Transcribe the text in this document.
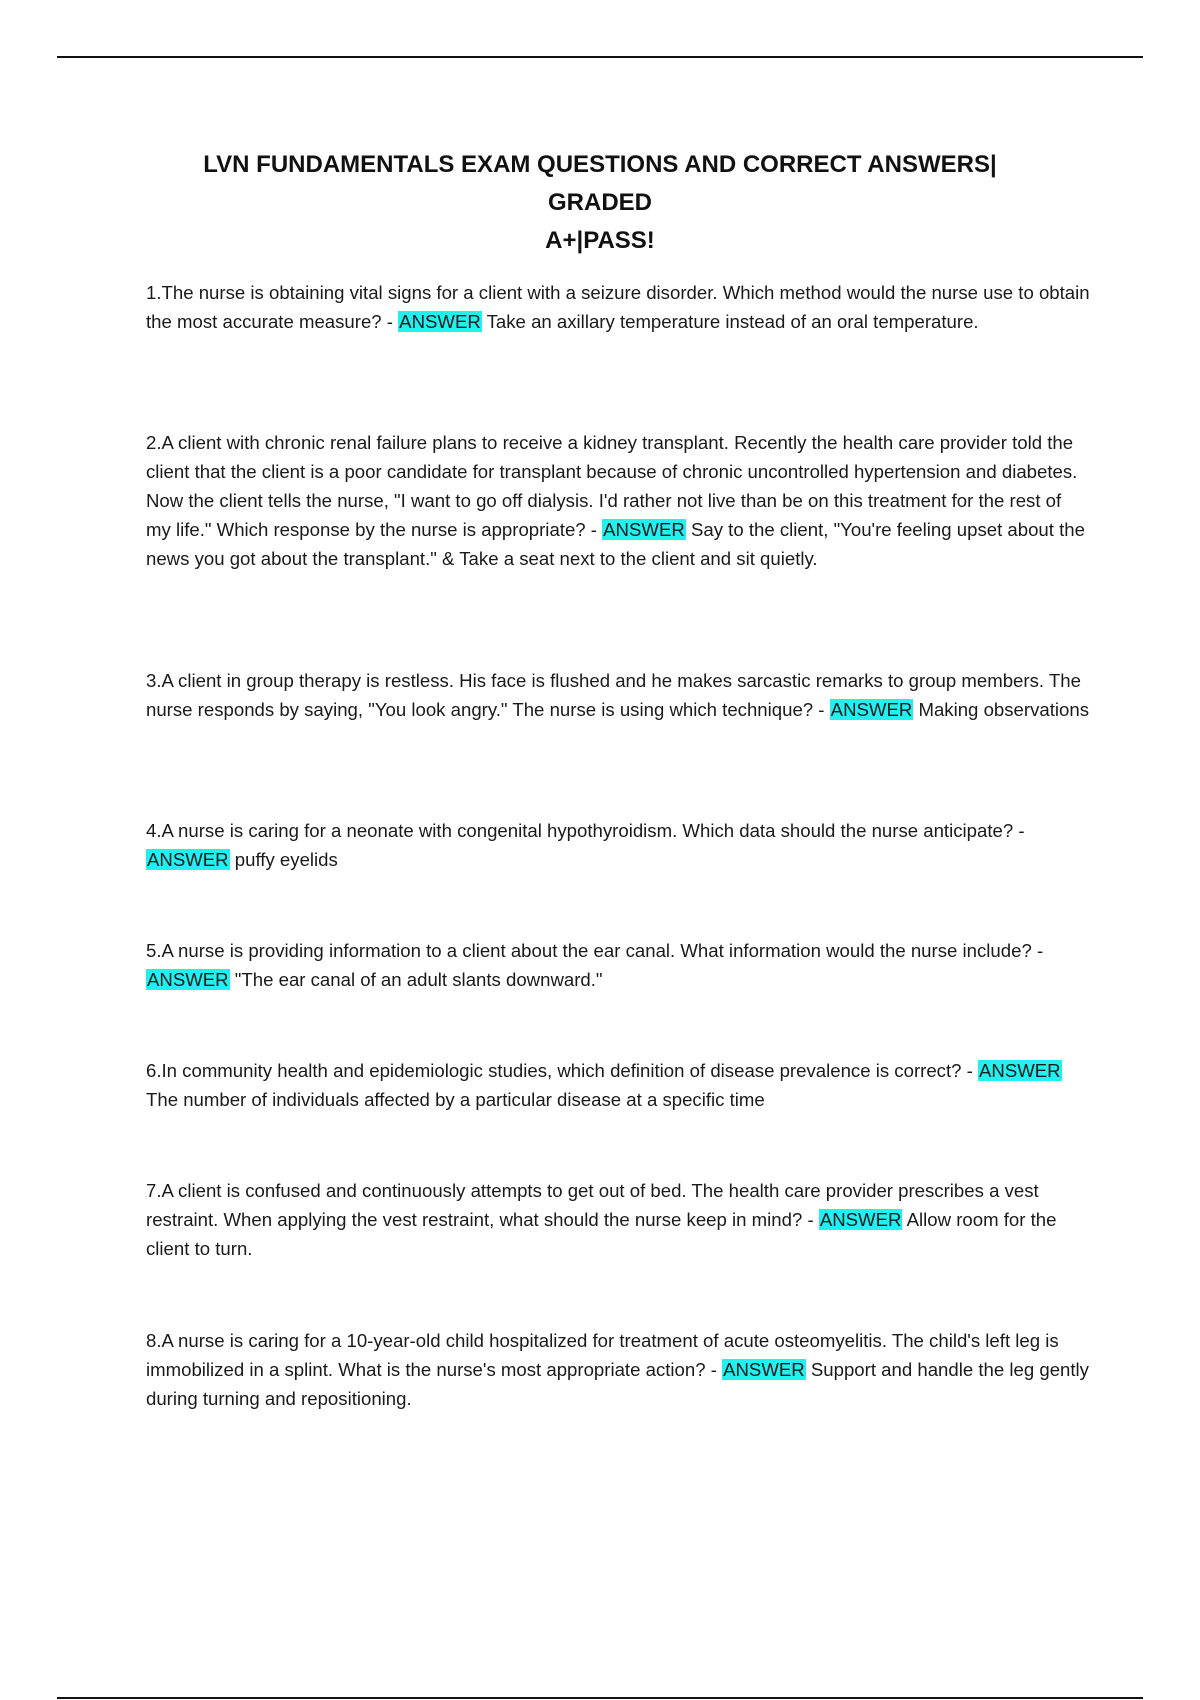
LVN FUNDAMENTALS EXAM QUESTIONS AND CORRECT ANSWERS| GRADED
A+|PASS!

1.The nurse is obtaining vital signs for a client with a seizure disorder. Which method would the nurse use to obtain the most accurate measure? - ANSWER Take an axillary temperature instead of an oral temperature.

2.A client with chronic renal failure plans to receive a kidney transplant. Recently the health care provider told the client that the client is a poor candidate for transplant because of chronic uncontrolled hypertension and diabetes. Now the client tells the nurse, "I want to go off dialysis. I'd rather not live than be on this treatment for the rest of my life." Which response by the nurse is appropriate? - ANSWER Say to the client, "You're feeling upset about the news you got about the transplant." & Take a seat next to the client and sit quietly.

3.A client in group therapy is restless. His face is flushed and he makes sarcastic remarks to group members. The nurse responds by saying, "You look angry." The nurse is using which technique? - ANSWER Making observations

4.A nurse is caring for a neonate with congenital hypothyroidism. Which data should the nurse anticipate? - ANSWER puffy eyelids

5.A nurse is providing information to a client about the ear canal. What information would the nurse include? - ANSWER "The ear canal of an adult slants downward."

6.In community health and epidemiologic studies, which definition of disease prevalence is correct? - ANSWER The number of individuals affected by a particular disease at a specific time

7.A client is confused and continuously attempts to get out of bed. The health care provider prescribes a vest restraint. When applying the vest restraint, what should the nurse keep in mind? - ANSWER Allow room for the client to turn.

8.A nurse is caring for a 10-year-old child hospitalized for treatment of acute osteomyelitis. The child's left leg is immobilized in a splint. What is the nurse's most appropriate action? - ANSWER Support and handle the leg gently during turning and repositioning.
